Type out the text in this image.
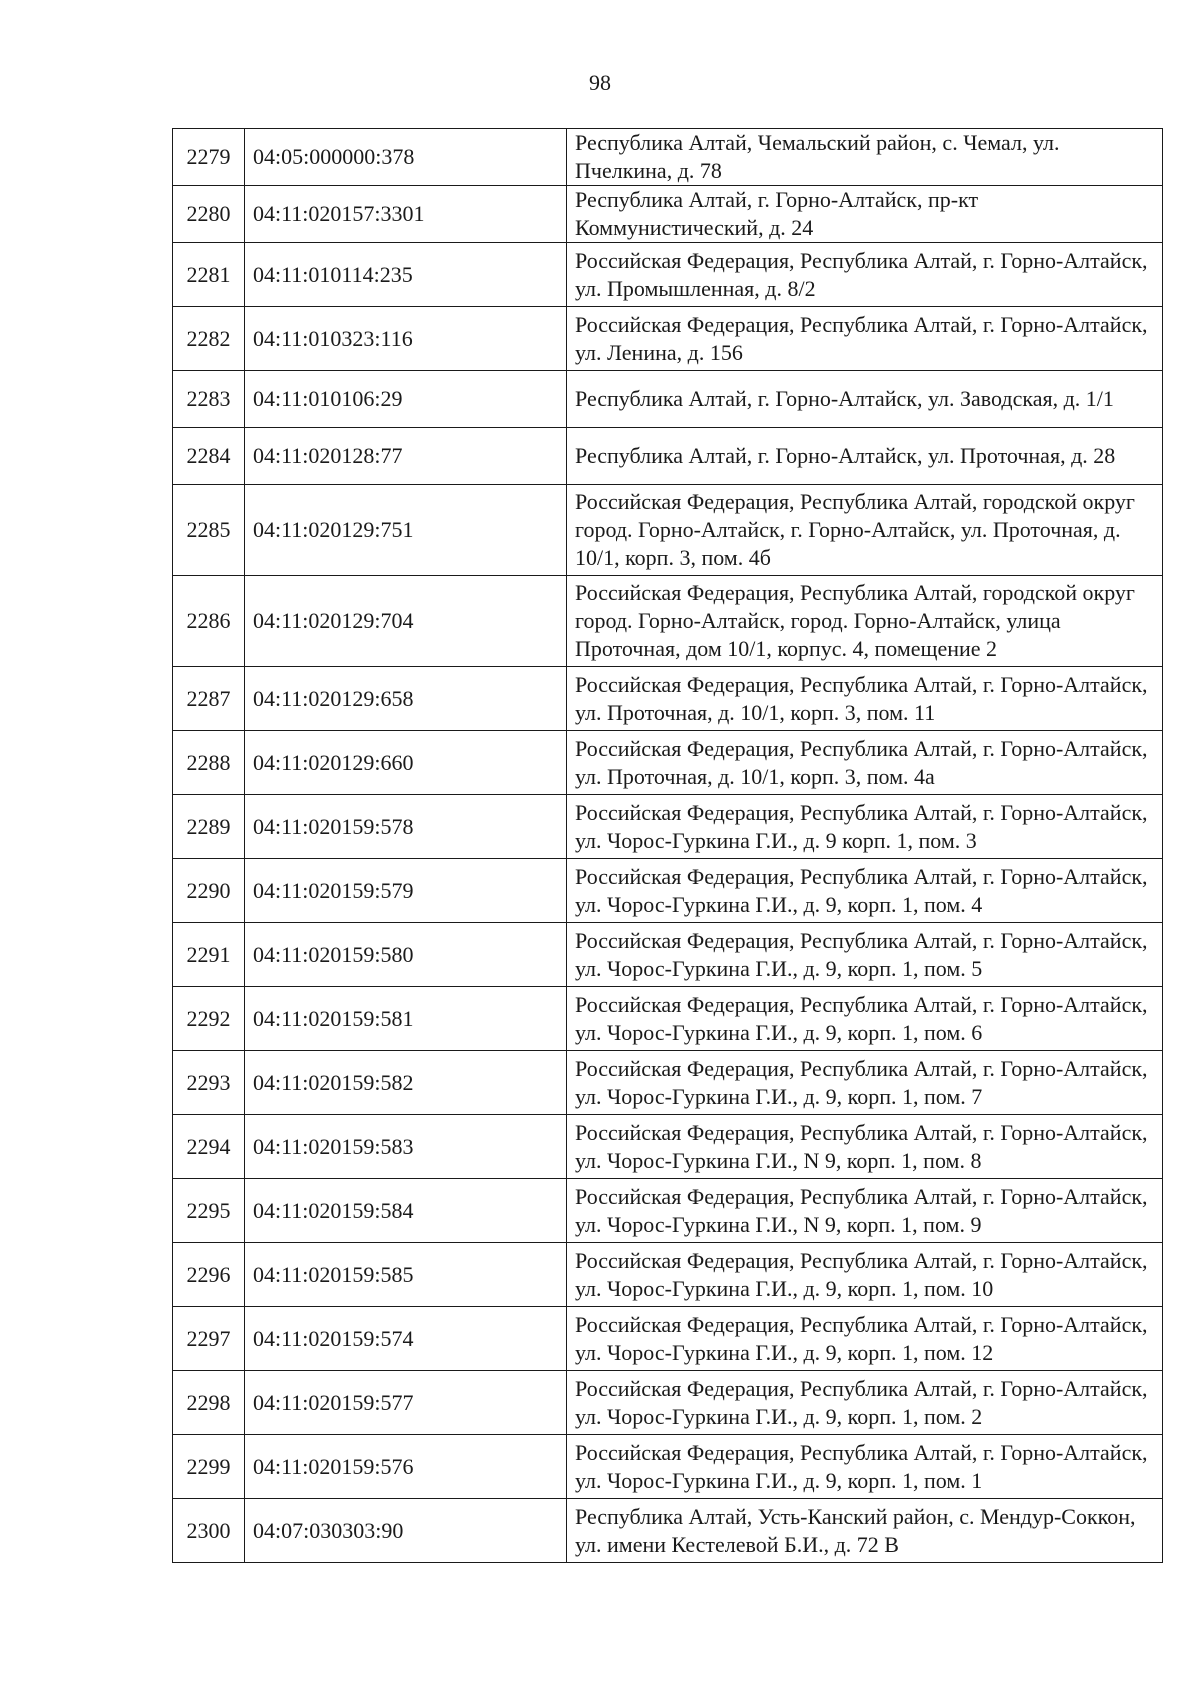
98
2279	04:05:000000:378	Республика Алтай, Чемальский район, с. Чемал, ул. Пчелкина, д. 78
2280	04:11:020157:3301	Республика Алтай, г. Горно-Алтайск, пр-кт Коммунистический, д. 24
2281	04:11:010114:235	Российская Федерация, Республика Алтай, г. Горно-Алтайск, ул. Промышленная, д. 8/2
2282	04:11:010323:116	Российская Федерация, Республика Алтай, г. Горно-Алтайск, ул. Ленина, д. 156
2283	04:11:010106:29	Республика Алтай, г. Горно-Алтайск, ул. Заводская, д. 1/1
2284	04:11:020128:77	Республика Алтай, г. Горно-Алтайск, ул. Проточная, д. 28
2285	04:11:020129:751	Российская Федерация, Республика Алтай, городской округ город. Горно-Алтайск, г. Горно-Алтайск, ул. Проточная, д. 10/1, корп. 3, пом. 4б
2286	04:11:020129:704	Российская Федерация, Республика Алтай, городской округ город. Горно-Алтайск, город. Горно-Алтайск, улица Проточная, дом 10/1, корпус. 4, помещение 2
2287	04:11:020129:658	Российская Федерация, Республика Алтай, г. Горно-Алтайск, ул. Проточная, д. 10/1, корп. 3, пом. 11
2288	04:11:020129:660	Российская Федерация, Республика Алтай, г. Горно-Алтайск, ул. Проточная, д. 10/1, корп. 3, пом. 4а
2289	04:11:020159:578	Российская Федерация, Республика Алтай, г. Горно-Алтайск, ул. Чорос-Гуркина Г.И., д. 9 корп. 1, пом. 3
2290	04:11:020159:579	Российская Федерация, Республика Алтай, г. Горно-Алтайск, ул. Чорос-Гуркина Г.И., д. 9, корп. 1, пом. 4
2291	04:11:020159:580	Российская Федерация, Республика Алтай, г. Горно-Алтайск, ул. Чорос-Гуркина Г.И., д. 9, корп. 1, пом. 5
2292	04:11:020159:581	Российская Федерация, Республика Алтай, г. Горно-Алтайск, ул. Чорос-Гуркина Г.И., д. 9, корп. 1, пом. 6
2293	04:11:020159:582	Российская Федерация, Республика Алтай, г. Горно-Алтайск, ул. Чорос-Гуркина Г.И., д. 9, корп. 1, пом. 7
2294	04:11:020159:583	Российская Федерация, Республика Алтай, г. Горно-Алтайск, ул. Чорос-Гуркина Г.И., N 9, корп. 1, пом. 8
2295	04:11:020159:584	Российская Федерация, Республика Алтай, г. Горно-Алтайск, ул. Чорос-Гуркина Г.И., N 9, корп. 1, пом. 9
2296	04:11:020159:585	Российская Федерация, Республика Алтай, г. Горно-Алтайск, ул. Чорос-Гуркина Г.И., д. 9, корп. 1, пом. 10
2297	04:11:020159:574	Российская Федерация, Республика Алтай, г. Горно-Алтайск, ул. Чорос-Гуркина Г.И., д. 9, корп. 1, пом. 12
2298	04:11:020159:577	Российская Федерация, Республика Алтай, г. Горно-Алтайск, ул. Чорос-Гуркина Г.И., д. 9, корп. 1, пом. 2
2299	04:11:020159:576	Российская Федерация, Республика Алтай, г. Горно-Алтайск, ул. Чорос-Гуркина Г.И., д. 9, корп. 1, пом. 1
2300	04:07:030303:90	Республика Алтай, Усть-Канский район, с. Мендур-Соккон, ул. имени Кестелевой Б.И., д. 72 В
